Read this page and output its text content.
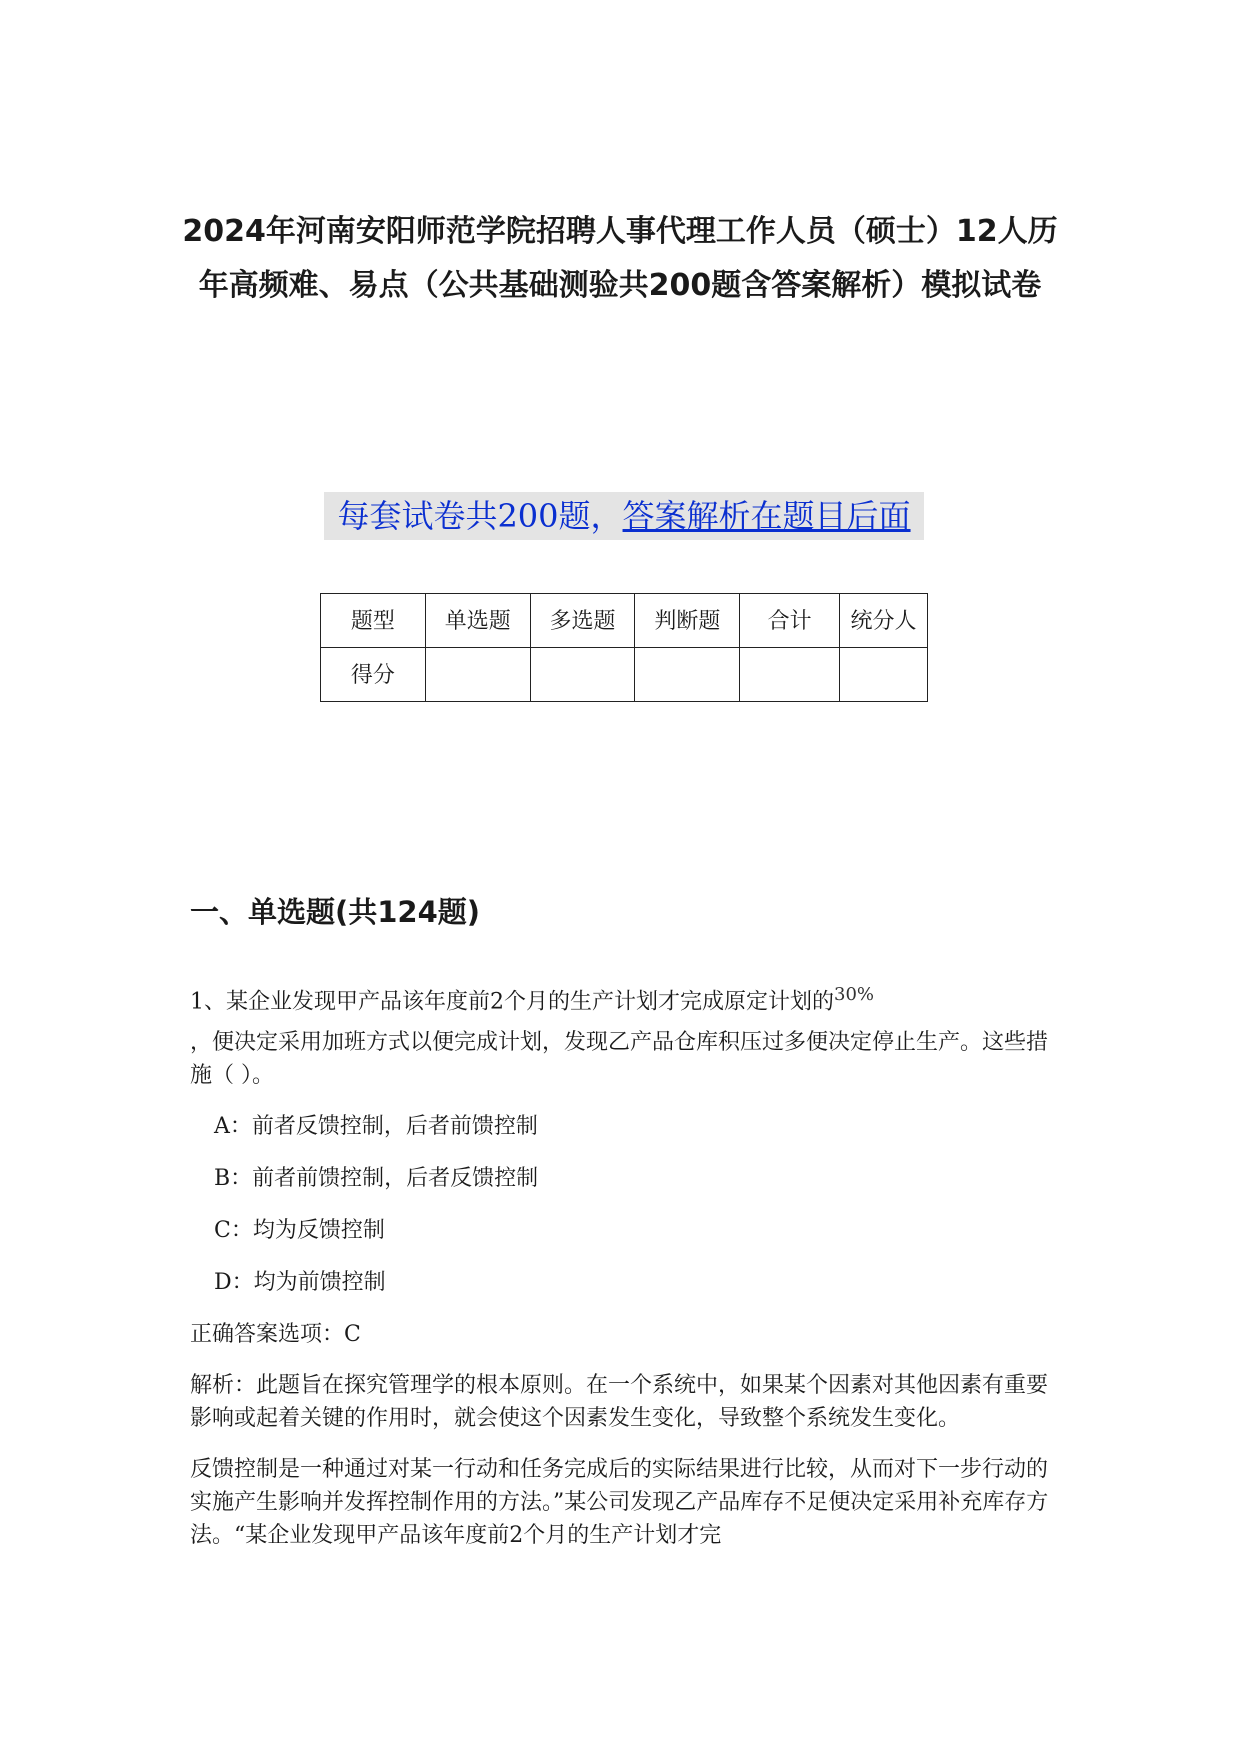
2024年河南安阳师范学院招聘人事代理工作人员（硕士）12人历年高频难、易点（公共基础测验共200题含答案解析）模拟试卷
每套试卷共200题，答案解析在题目后面
题型	单选题	多选题	判断题	合计	统分人
得分					
一、单选题(共124题)

1、某企业发现甲产品该年度前2个月的生产计划才完成原定计划的$^{30\%}$

，便决定采用加班方式以便完成计划，发现乙产品仓库积压过多便决定停止生产。这些措施（ ）。

A：前者反馈控制，后者前馈控制
B：前者前馈控制，后者反馈控制
C：均为反馈控制
D：均为前馈控制

正确答案选项：C

解析：此题旨在探究管理学的根本原则。在一个系统中，如果某个因素对其他因素有重要影响或起着关键的作用时，就会使这个因素发生变化，导致整个系统发生变化。

反馈控制是一种通过对某一行动和任务完成后的实际结果进行比较，从而对下一步行动的实施产生影响并发挥控制作用的方法。”某公司发现乙产品库存不足便决定采用补充库存方法。“某企业发现甲产品该年度前2个月的生产计划才完
